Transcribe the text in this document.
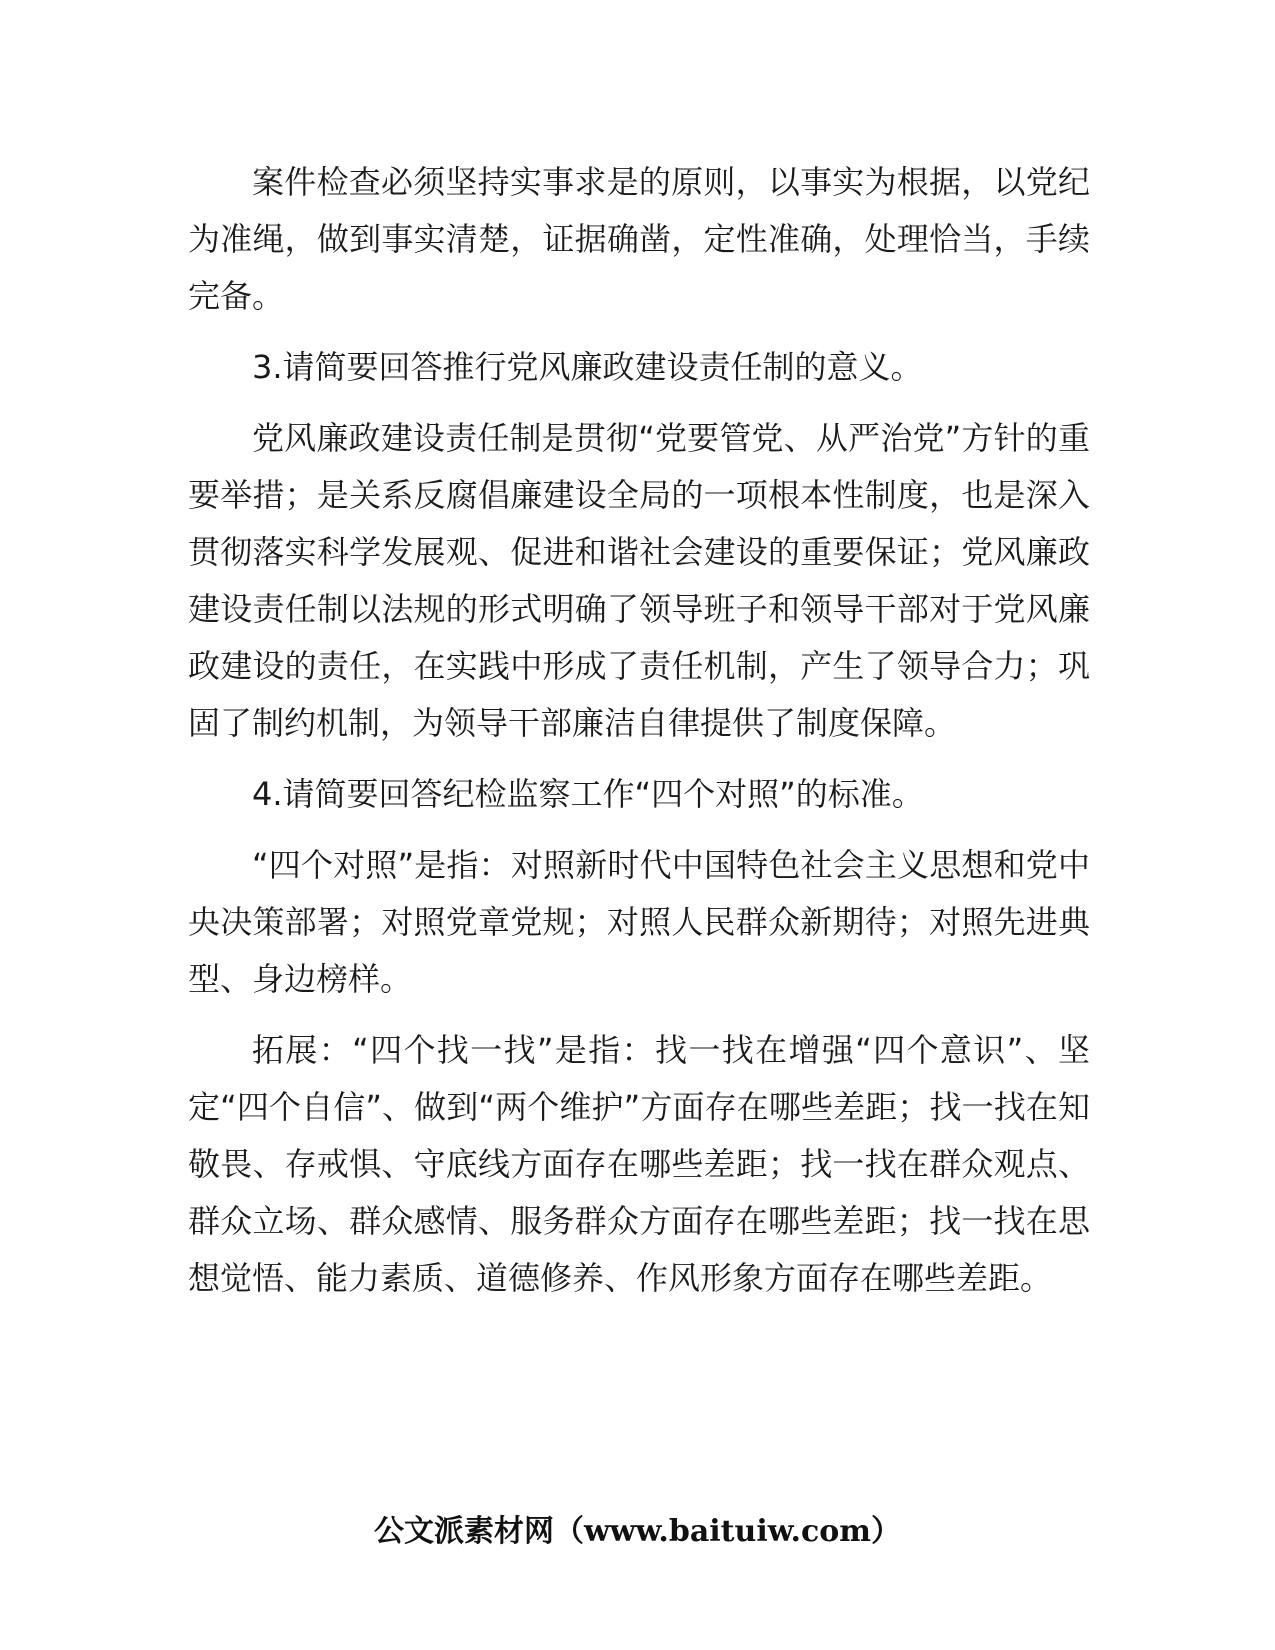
案件检查必须坚持实事求是的原则，以事实为根据，以党纪为准绳，做到事实清楚，证据确凿，定性准确，处理恰当，手续完备。

3.请简要回答推行党风廉政建设责任制的意义。

党风廉政建设责任制是贯彻“党要管党、从严治党”方针的重要举措；是关系反腐倡廉建设全局的一项根本性制度，也是深入贯彻落实科学发展观、促进和谐社会建设的重要保证；党风廉政建设责任制以法规的形式明确了领导班子和领导干部对于党风廉政建设的责任，在实践中形成了责任机制，产生了领导合力；巩固了制约机制，为领导干部廉洁自律提供了制度保障。

4.请简要回答纪检监察工作“四个对照”的标准。

“四个对照”是指：对照新时代中国特色社会主义思想和党中央决策部署；对照党章党规；对照人民群众新期待；对照先进典型、身边榜样。

拓展：“四个找一找”是指：找一找在增强“四个意识”、坚定“四个自信”、做到“两个维护”方面存在哪些差距；找一找在知敬畏、存戒惧、守底线方面存在哪些差距；找一找在群众观点、群众立场、群众感情、服务群众方面存在哪些差距；找一找在思想觉悟、能力素质、道德修养、作风形象方面存在哪些差距。

公文派素材网（www.baituiw.com）
